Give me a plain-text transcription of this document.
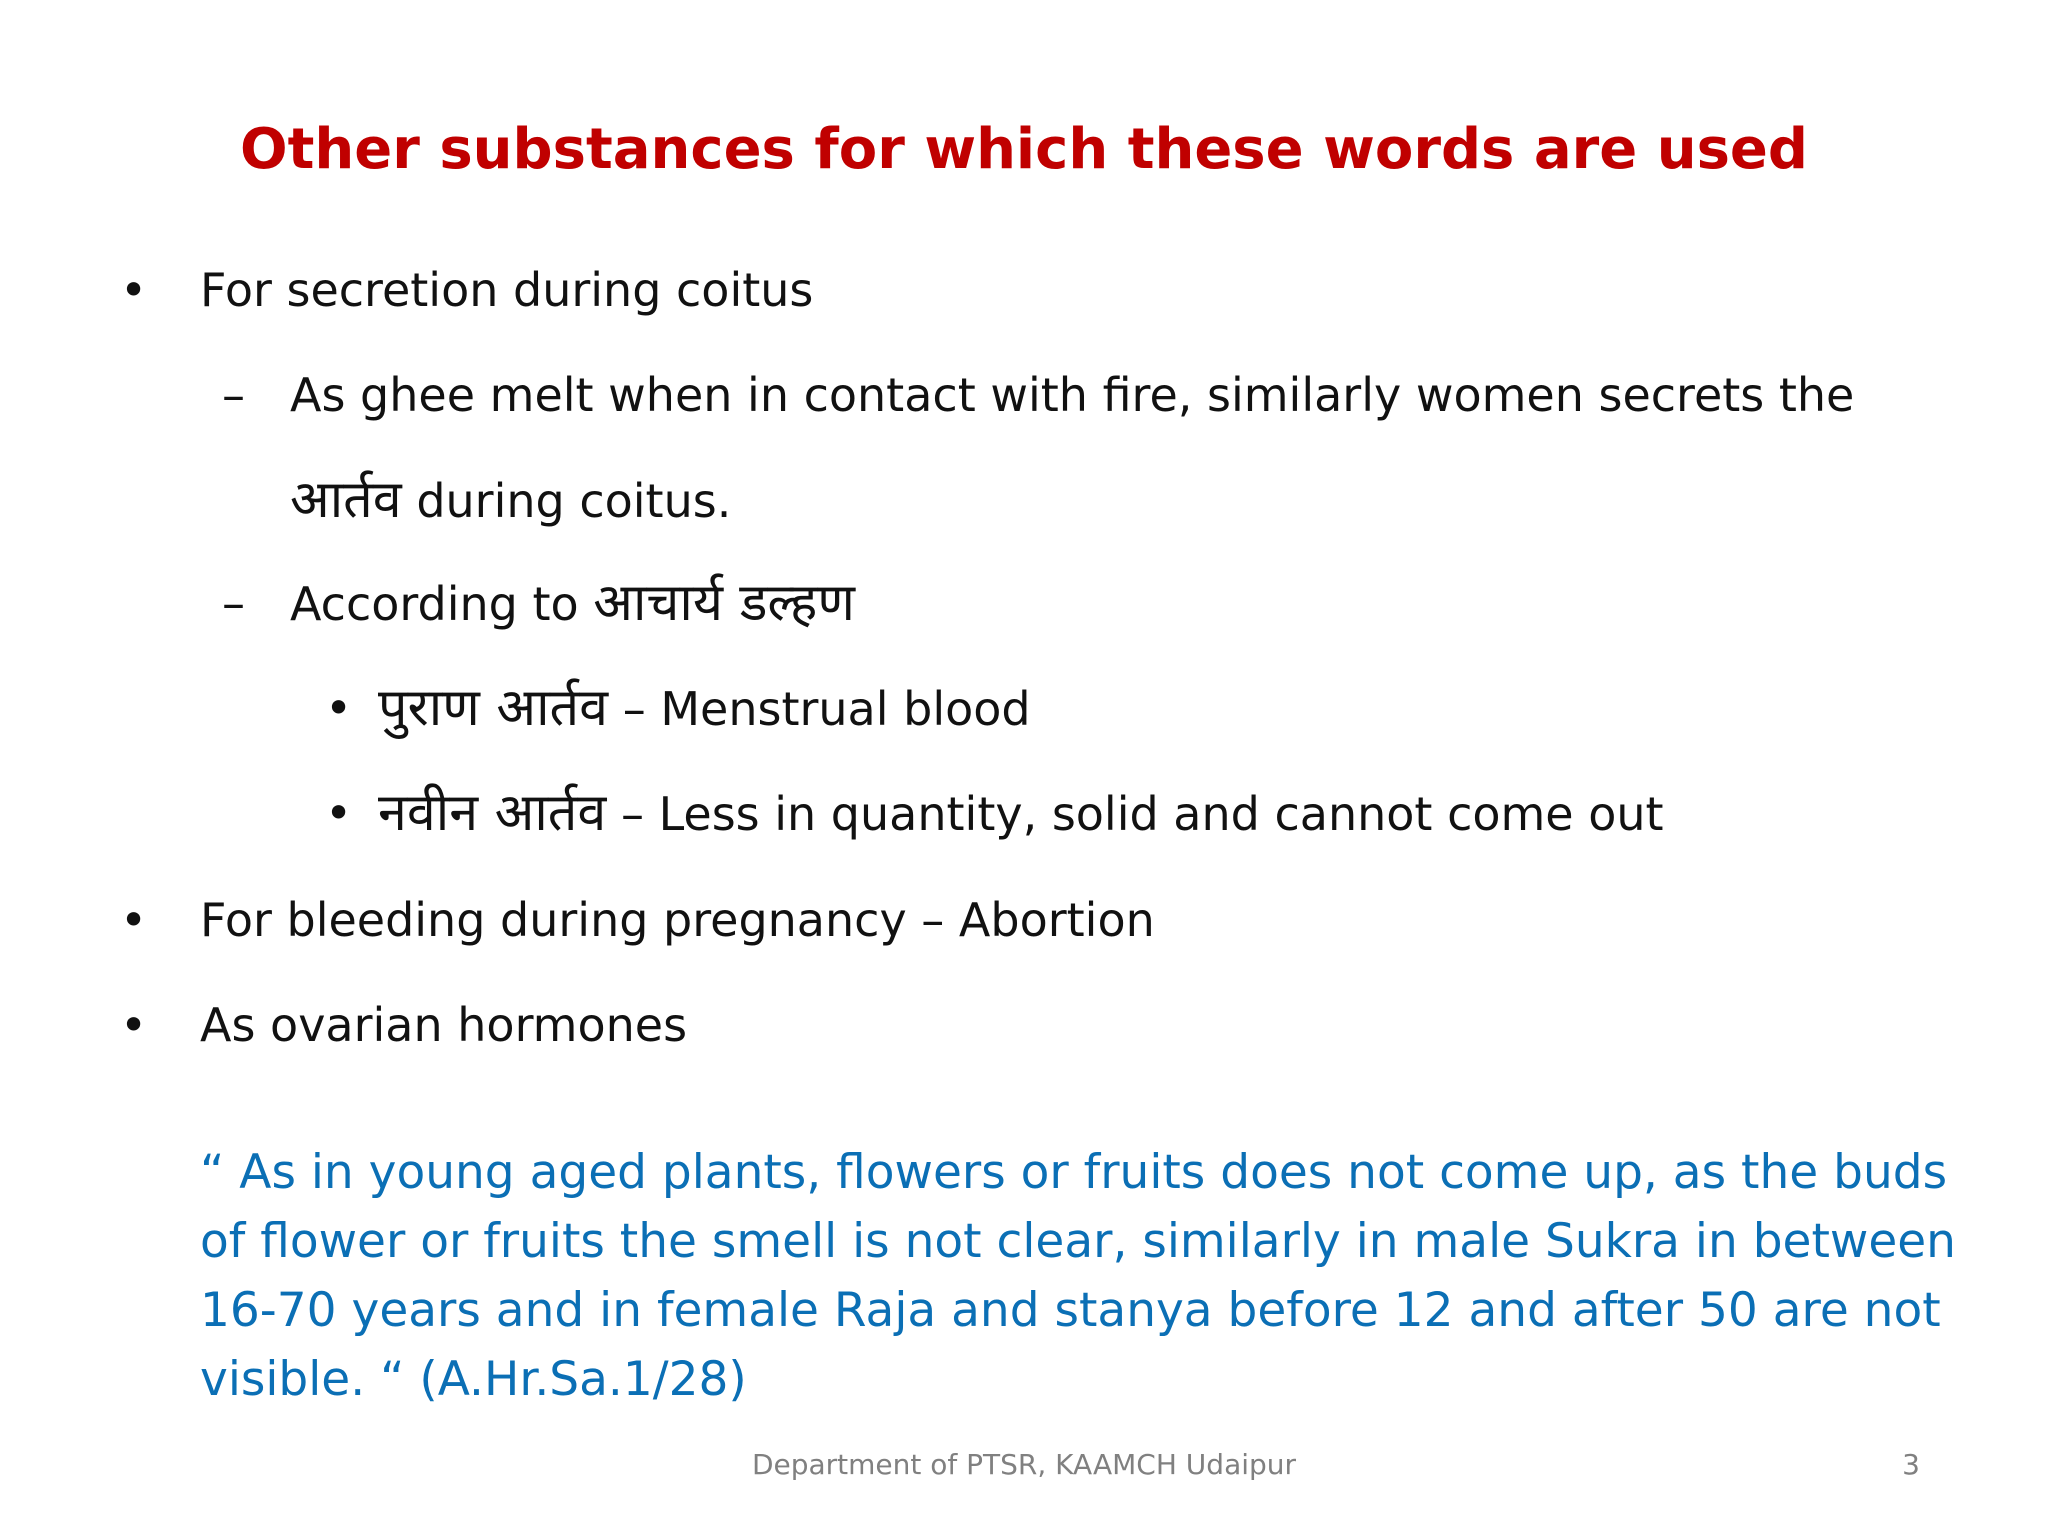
Other substances for which these words are used
• For secretion during coitus
– As ghee melt when in contact with fire, similarly women secrets the
आर्तव during coitus.
– According to आचार्य डल्हण
• पुराण आर्तव – Menstrual blood
• नवीन आर्तव – Less in quantity, solid and cannot come out
• For bleeding during pregnancy – Abortion
• As ovarian hormones
“ As in young aged plants, flowers or fruits does not come up, as the buds of flower or fruits the smell is not clear, similarly in male Sukra in between 16-70 years and in female Raja and stanya before 12 and after 50 are not visible. “ (A.Hr.Sa.1/28)
Department of PTSR, KAAMCH Udaipur	3
